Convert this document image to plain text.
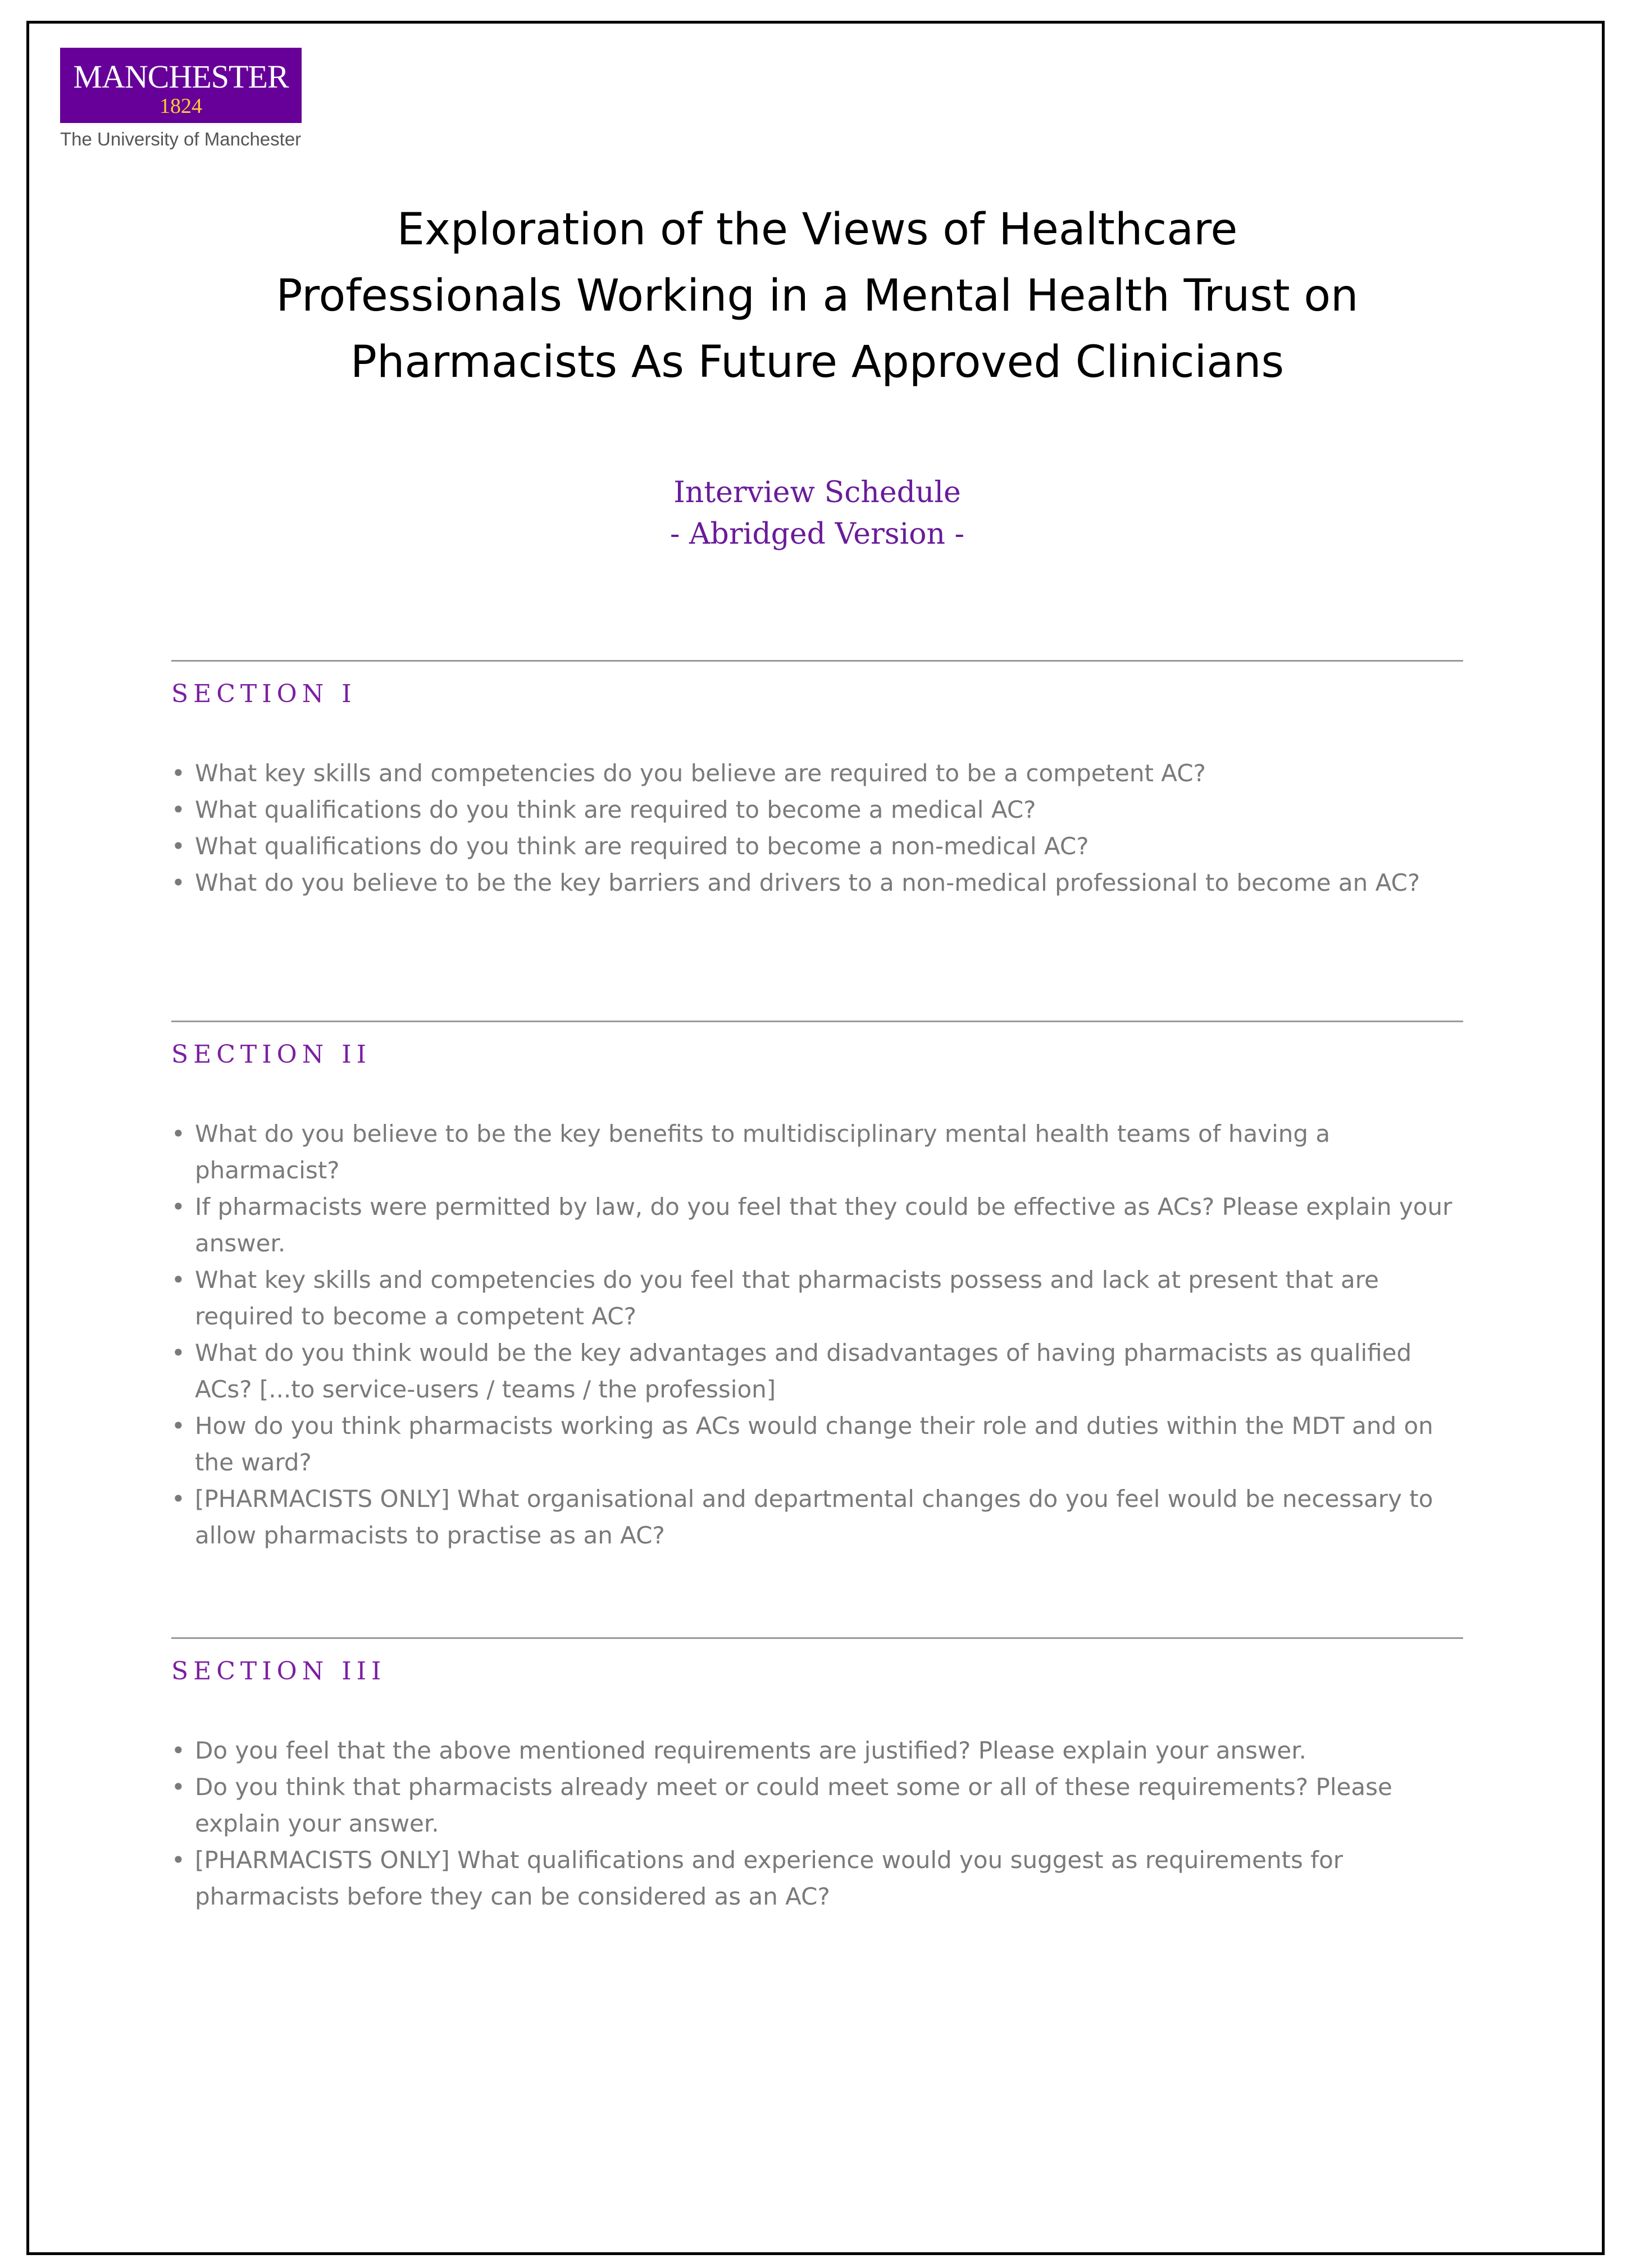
MANCHESTER
1824
The University of Manchester
Exploration of the Views of Healthcare
Professionals Working in a Mental Health Trust on
Pharmacists As Future Approved Clinicians
Interview Schedule
- Abridged Version -
SECTION I
• What key skills and competencies do you believe are required to be a competent AC?
• What qualifications do you think are required to become a medical AC?
• What qualifications do you think are required to become a non-medical AC?
• What do you believe to be the key barriers and drivers to a non-medical professional to become an AC?
SECTION II
• What do you believe to be the key benefits to multidisciplinary mental health teams of having a pharmacist?
• If pharmacists were permitted by law, do you feel that they could be effective as ACs? Please explain your answer.
• What key skills and competencies do you feel that pharmacists possess and lack at present that are required to become a competent AC?
• What do you think would be the key advantages and disadvantages of having pharmacists as qualified ACs? [...to service-users / teams / the profession]
• How do you think pharmacists working as ACs would change their role and duties within the MDT and on the ward?
• [PHARMACISTS ONLY] What organisational and departmental changes do you feel would be necessary to allow pharmacists to practise as an AC?
SECTION III
• Do you feel that the above mentioned requirements are justified? Please explain your answer.
• Do you think that pharmacists already meet or could meet some or all of these requirements? Please explain your answer.
• [PHARMACISTS ONLY] What qualifications and experience would you suggest as requirements for pharmacists before they can be considered as an AC?
